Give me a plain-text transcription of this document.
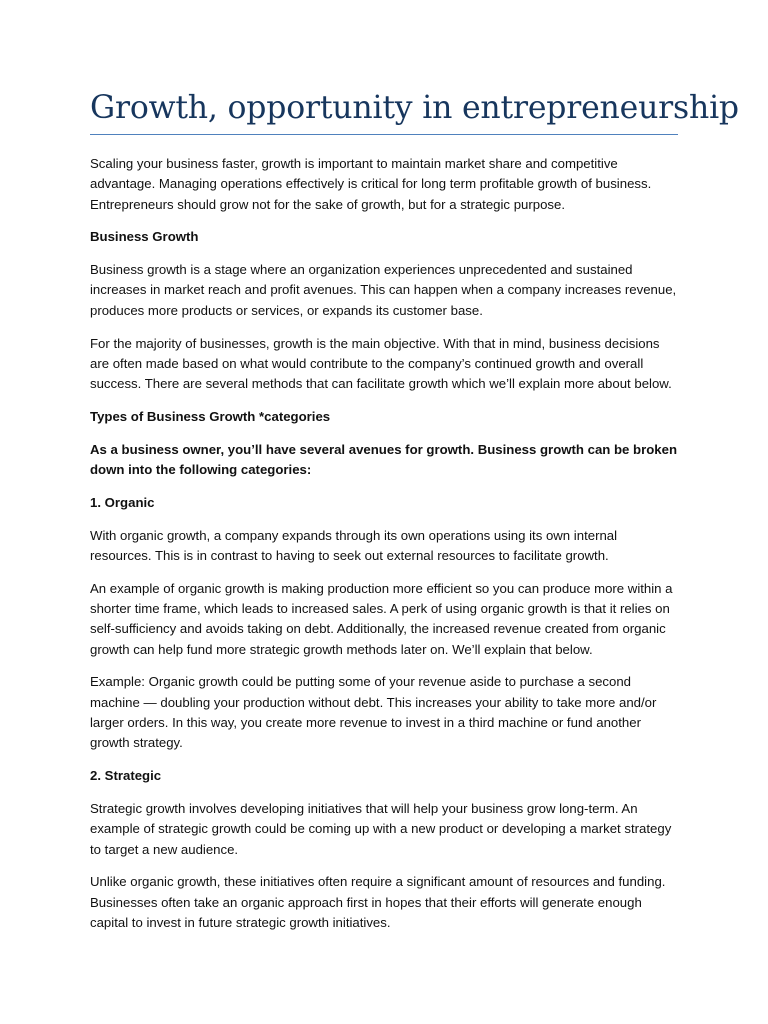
Growth, opportunity in entrepreneurship

Scaling your business faster, growth is important to maintain market share and competitive advantage. Managing operations effectively is critical for long term profitable growth of business. Entrepreneurs should grow not for the sake of growth, but for a strategic purpose.

Business Growth

Business growth is a stage where an organization experiences unprecedented and sustained increases in market reach and profit avenues. This can happen when a company increases revenue, produces more products or services, or expands its customer base.

For the majority of businesses, growth is the main objective. With that in mind, business decisions are often made based on what would contribute to the company’s continued growth and overall success. There are several methods that can facilitate growth which we’ll explain more about below.

Types of Business Growth *categories

As a business owner, you’ll have several avenues for growth. Business growth can be broken down into the following categories:

1. Organic

With organic growth, a company expands through its own operations using its own internal resources. This is in contrast to having to seek out external resources to facilitate growth.

An example of organic growth is making production more efficient so you can produce more within a shorter time frame, which leads to increased sales. A perk of using organic growth is that it relies on self-sufficiency and avoids taking on debt. Additionally, the increased revenue created from organic growth can help fund more strategic growth methods later on. We’ll explain that below.

Example: Organic growth could be putting some of your revenue aside to purchase a second machine — doubling your production without debt. This increases your ability to take more and/or larger orders. In this way, you create more revenue to invest in a third machine or fund another growth strategy.

2. Strategic

Strategic growth involves developing initiatives that will help your business grow long-term. An example of strategic growth could be coming up with a new product or developing a market strategy to target a new audience.

Unlike organic growth, these initiatives often require a significant amount of resources and funding. Businesses often take an organic approach first in hopes that their efforts will generate enough capital to invest in future strategic growth initiatives.
